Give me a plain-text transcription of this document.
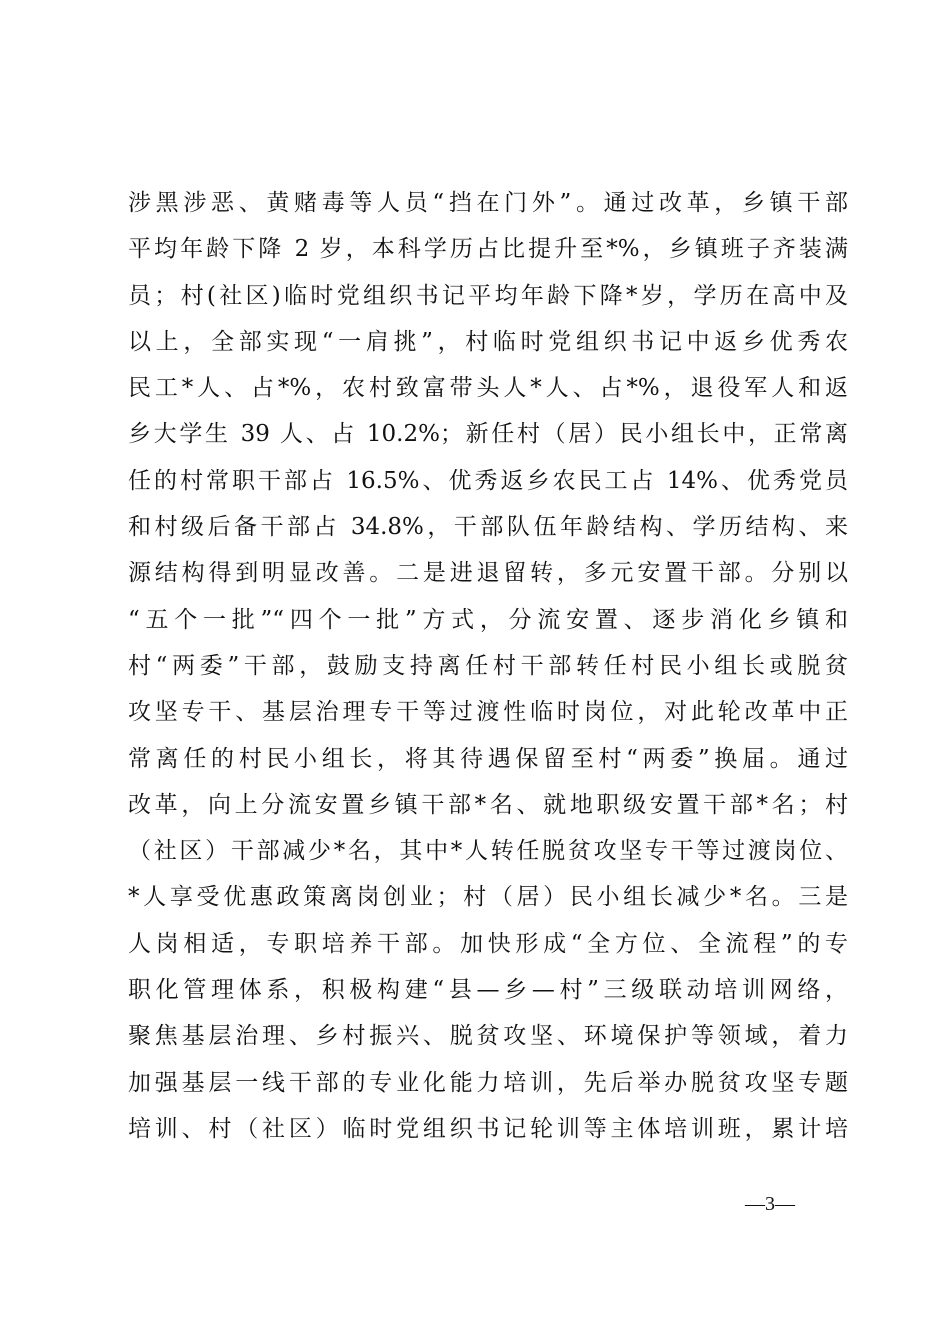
涉黑涉恶、黄赌毒等人员“挡在门外”。通过改革，乡镇干部
平均年龄下降 2 岁，本科学历占比提升至*%，乡镇班子齐装满
员；村(社区)临时党组织书记平均年龄下降*岁，学历在高中及
以上，全部实现“一肩挑”，村临时党组织书记中返乡优秀农
民工*人、占*%，农村致富带头人*人、占*%，退役军人和返
乡大学生 39 人、占 10.2%；新任村（居）民小组长中，正常离
任的村常职干部占 16.5%、优秀返乡农民工占 14%、优秀党员
和村级后备干部占 34.8%，干部队伍年龄结构、学历结构、来
源结构得到明显改善。二是进退留转，多元安置干部。分别以
“五个一批”“四个一批”方式，分流安置、逐步消化乡镇和
村“两委”干部，鼓励支持离任村干部转任村民小组长或脱贫
攻坚专干、基层治理专干等过渡性临时岗位，对此轮改革中正
常离任的村民小组长，将其待遇保留至村“两委”换届。通过
改革，向上分流安置乡镇干部*名、就地职级安置干部*名；村
（社区）干部减少*名，其中*人转任脱贫攻坚专干等过渡岗位、
*人享受优惠政策离岗创业；村（居）民小组长减少*名。三是
人岗相适，专职培养干部。加快形成“全方位、全流程”的专
职化管理体系，积极构建“县—乡—村”三级联动培训网络，
聚焦基层治理、乡村振兴、脱贫攻坚、环境保护等领域，着力
加强基层一线干部的专业化能力培训，先后举办脱贫攻坚专题
培训、村（社区）临时党组织书记轮训等主体培训班，累计培
—3—
